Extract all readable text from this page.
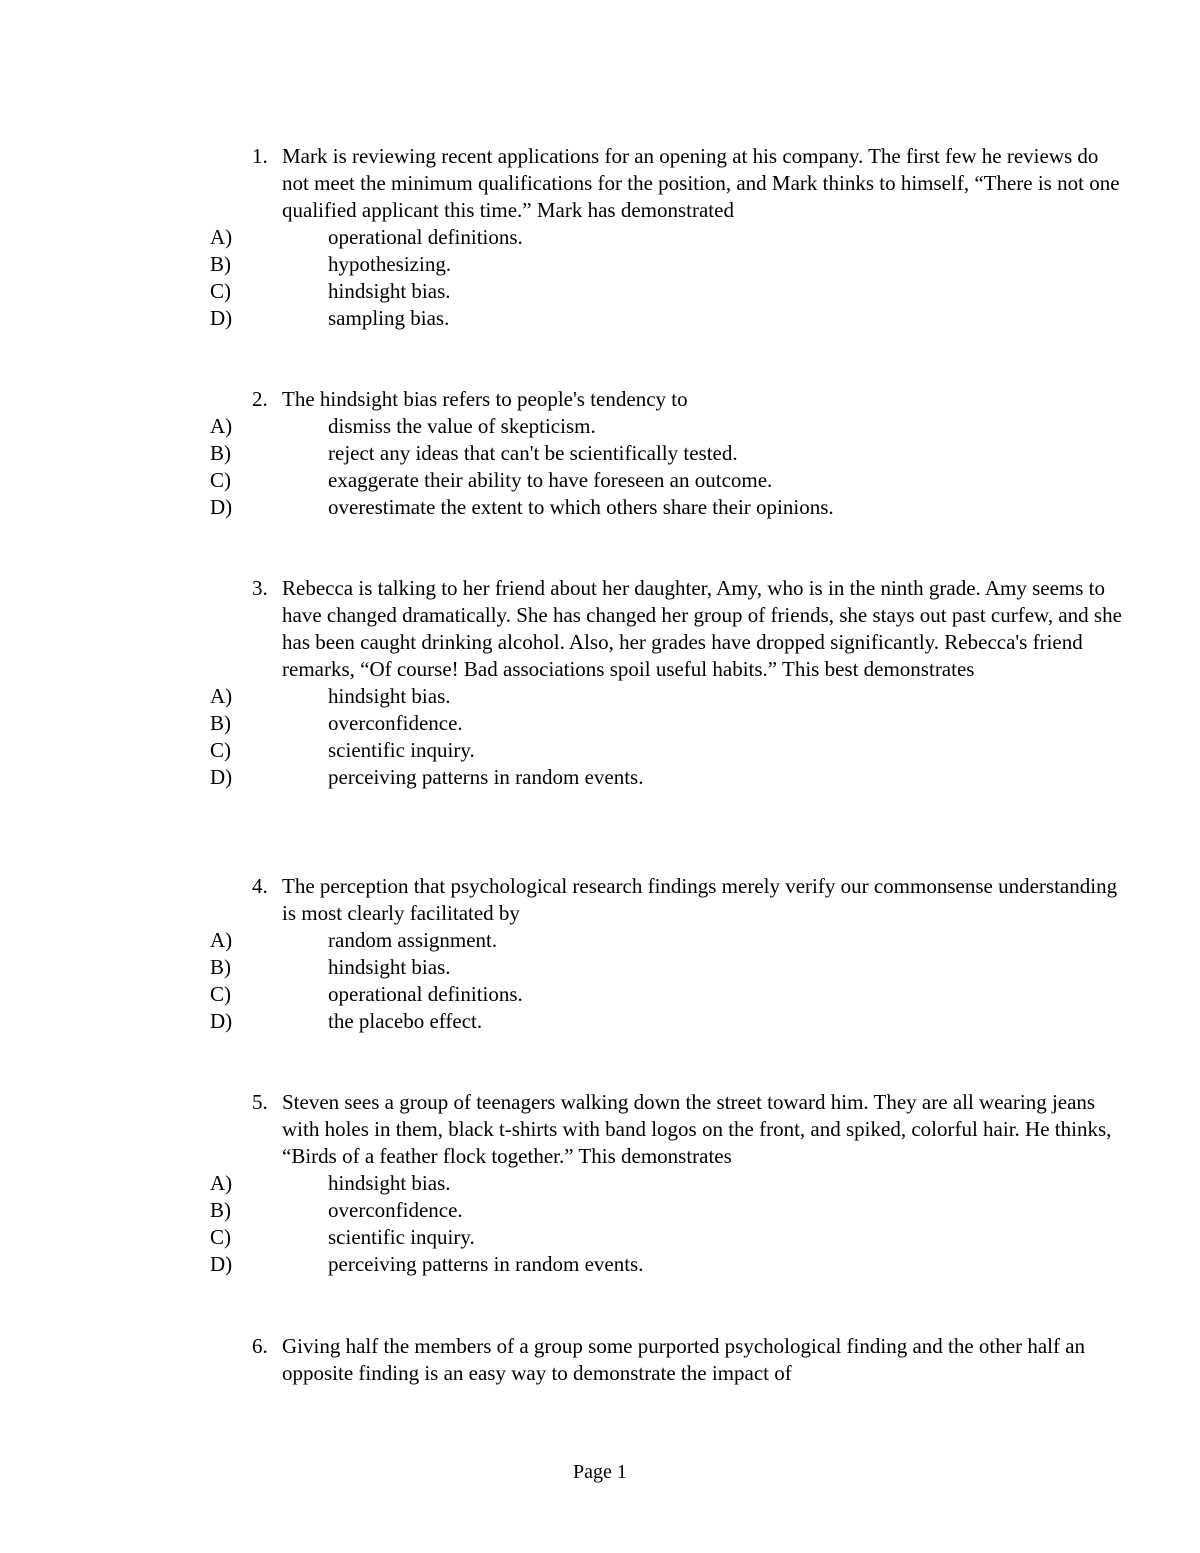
1. Mark is reviewing recent applications for an opening at his company. The first few he reviews do not meet the minimum qualifications for the position, and Mark thinks to himself, “There is not one qualified applicant this time.” Mark has demonstrated
A)	operational definitions.
B)	hypothesizing.
C)	hindsight bias.
D)	sampling bias.
2. The hindsight bias refers to people's tendency to
A)	dismiss the value of skepticism.
B)	reject any ideas that can't be scientifically tested.
C)	exaggerate their ability to have foreseen an outcome.
D)	overestimate the extent to which others share their opinions.
3. Rebecca is talking to her friend about her daughter, Amy, who is in the ninth grade. Amy seems to have changed dramatically. She has changed her group of friends, she stays out past curfew, and she has been caught drinking alcohol. Also, her grades have dropped significantly. Rebecca's friend remarks, “Of course! Bad associations spoil useful habits.” This best demonstrates
A)	hindsight bias.
B)	overconfidence.
C)	scientific inquiry.
D)	perceiving patterns in random events.
4. The perception that psychological research findings merely verify our commonsense understanding is most clearly facilitated by
A)	random assignment.
B)	hindsight bias.
C)	operational definitions.
D)	the placebo effect.
5. Steven sees a group of teenagers walking down the street toward him. They are all wearing jeans with holes in them, black t-shirts with band logos on the front, and spiked, colorful hair. He thinks, “Birds of a feather flock together.” This demonstrates
A)	hindsight bias.
B)	overconfidence.
C)	scientific inquiry.
D)	perceiving patterns in random events.
6. Giving half the members of a group some purported psychological finding and the other half an opposite finding is an easy way to demonstrate the impact of
Page 1
